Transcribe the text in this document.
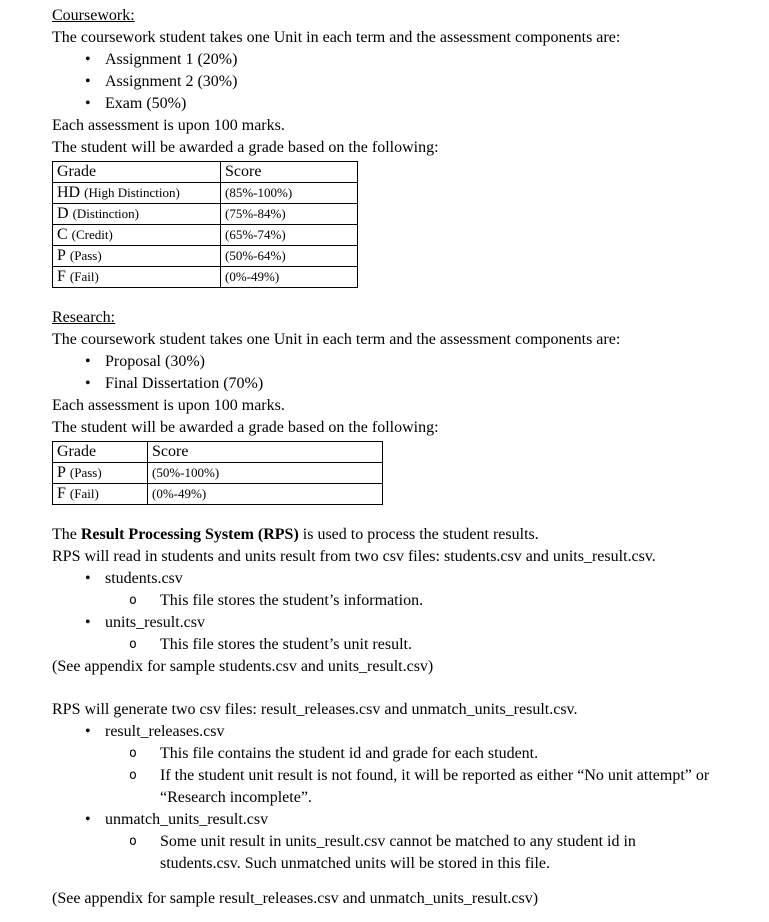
Coursework:

The coursework student takes one Unit in each term and the assessment components are:

• Assignment 1 (20%)
• Assignment 2 (30%)
• Exam (50%)

Each assessment is upon 100 marks.

The student will be awarded a grade based on the following:

Grade	Score
HD (High Distinction)	(85%-100%)
D (Distinction)	(75%-84%)
C (Credit)	(65%-74%)
P (Pass)	(50%-64%)
F (Fail)	(0%-49%)
Research:

The coursework student takes one Unit in each term and the assessment components are:

• Proposal (30%)
• Final Dissertation (70%)

Each assessment is upon 100 marks.

The student will be awarded a grade based on the following:

Grade	Score
P (Pass)	(50%-100%)
F (Fail)	(0%-49%)

The Result Processing System (RPS) is used to process the student results.

RPS will read in students and units result from two csv files: students.csv and units_result.csv.

• students.csv
o This file stores the student’s information.
• units_result.csv
o This file stores the student’s unit result.

(See appendix for sample students.csv and units_result.csv)

RPS will generate two csv files: result_releases.csv and unmatch_units_result.csv.

• result_releases.csv
o This file contains the student id and grade for each student.
o If the student unit result is not found, it will be reported as either “No unit attempt” or “Research incomplete”.
• unmatch_units_result.csv
o Some unit result in units_result.csv cannot be matched to any student id in students.csv. Such unmatched units will be stored in this file.

(See appendix for sample result_releases.csv and unmatch_units_result.csv)
